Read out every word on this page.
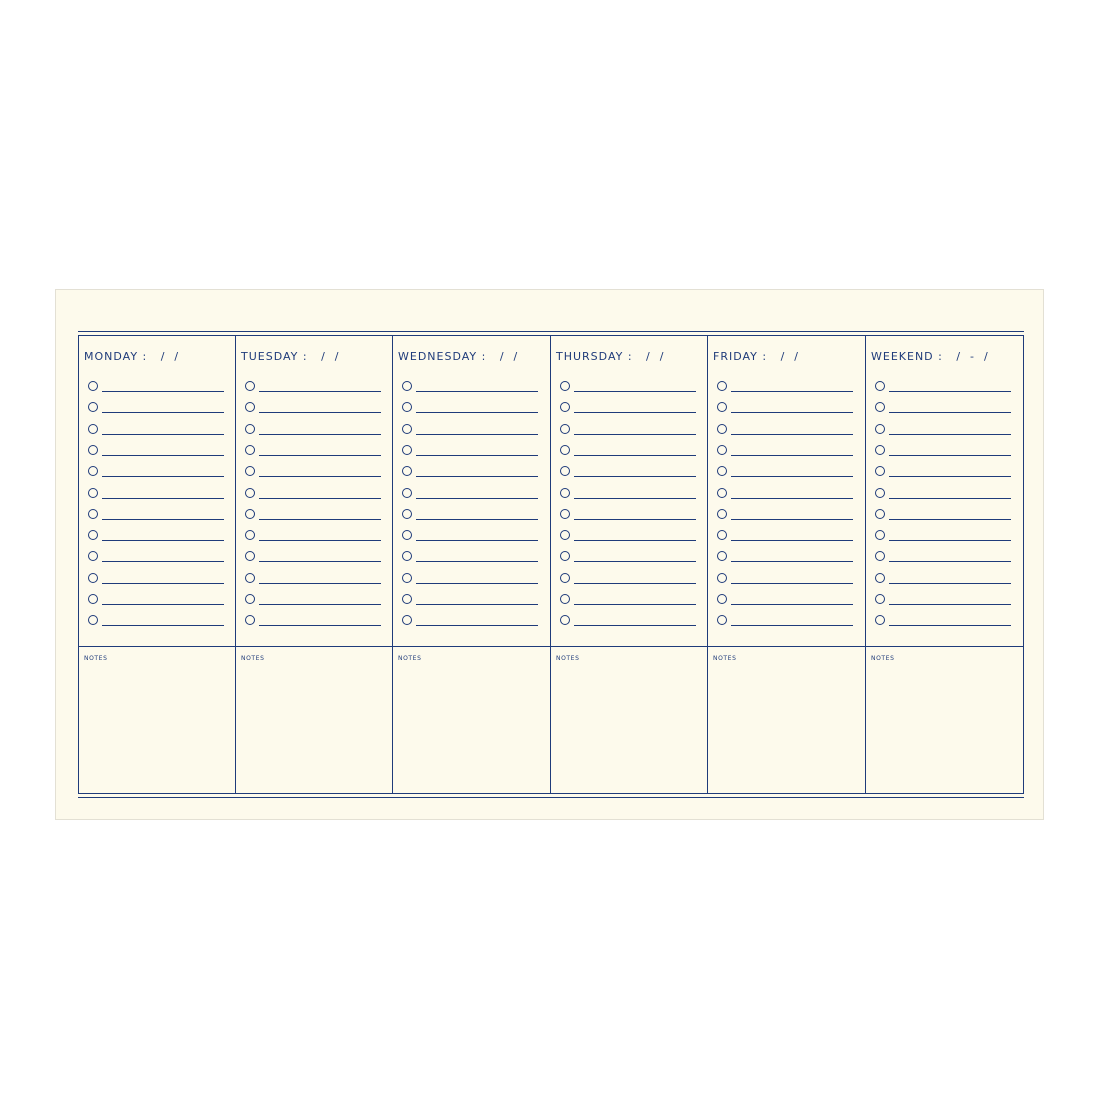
MONDAY :   /  /
NOTES
TUESDAY :   /  /
NOTES
WEDNESDAY :   /  /
NOTES
THURSDAY :   /  /
NOTES
FRIDAY :   /  /
NOTES
WEEKEND :   /  -  /
NOTES
